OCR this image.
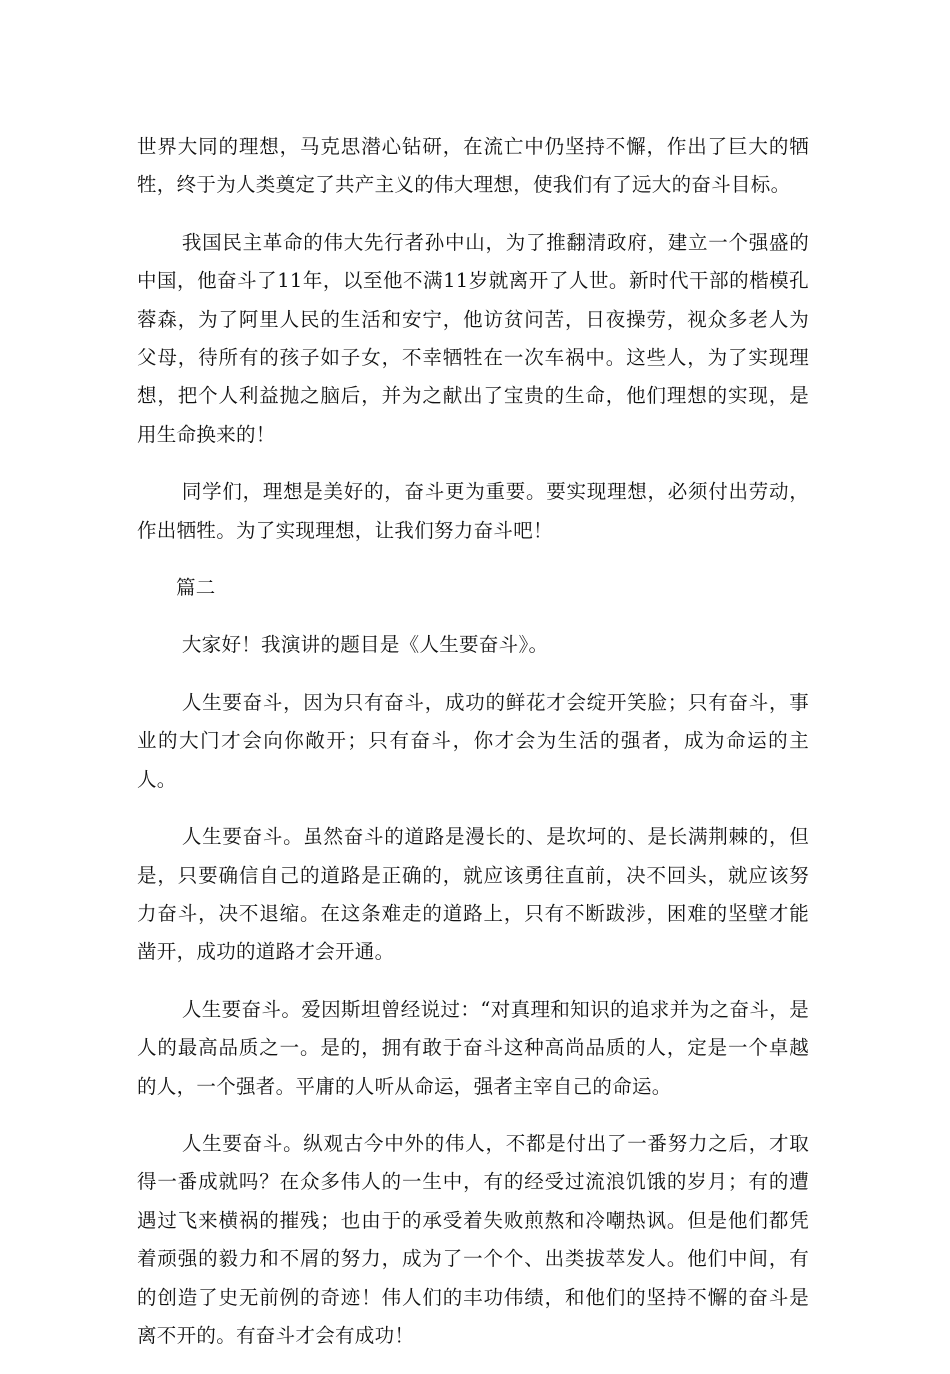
世界大同的理想，马克思潜心钻研，在流亡中仍坚持不懈，作出了巨大的牺牲，终于为人类奠定了共产主义的伟大理想，使我们有了远大的奋斗目标。

我国民主革命的伟大先行者孙中山，为了推翻清政府，建立一个强盛的中国，他奋斗了11年，以至他不满11岁就离开了人世。新时代干部的楷模孔蓉森，为了阿里人民的生活和安宁，他访贫问苦，日夜操劳，视众多老人为父母，待所有的孩子如子女，不幸牺牲在一次车祸中。这些人，为了实现理想，把个人利益抛之脑后，并为之献出了宝贵的生命，他们理想的实现，是用生命换来的！

同学们，理想是美好的，奋斗更为重要。要实现理想，必须付出劳动，作出牺牲。为了实现理想，让我们努力奋斗吧！

篇二

大家好！我演讲的题目是《人生要奋斗》。

人生要奋斗，因为只有奋斗，成功的鲜花才会绽开笑脸；只有奋斗，事业的大门才会向你敞开；只有奋斗，你才会为生活的强者，成为命运的主人。

人生要奋斗。虽然奋斗的道路是漫长的、是坎坷的、是长满荆棘的，但是，只要确信自己的道路是正确的，就应该勇往直前，决不回头，就应该努力奋斗，决不退缩。在这条难走的道路上，只有不断跋涉，困难的坚壁才能凿开，成功的道路才会开通。

人生要奋斗。爱因斯坦曾经说过：“对真理和知识的追求并为之奋斗，是人的最高品质之一。是的，拥有敢于奋斗这种高尚品质的人，定是一个卓越的人，一个强者。平庸的人听从命运，强者主宰自己的命运。

人生要奋斗。纵观古今中外的伟人，不都是付出了一番努力之后，才取得一番成就吗？在众多伟人的一生中，有的经受过流浪饥饿的岁月；有的遭遇过飞来横祸的摧残；也由于的承受着失败煎熬和冷嘲热讽。但是他们都凭着顽强的毅力和不屑的努力，成为了一个个、出类拔萃发人。他们中间，有的创造了史无前例的奇迹！伟人们的丰功伟绩，和他们的坚持不懈的奋斗是离不开的。有奋斗才会有成功！
